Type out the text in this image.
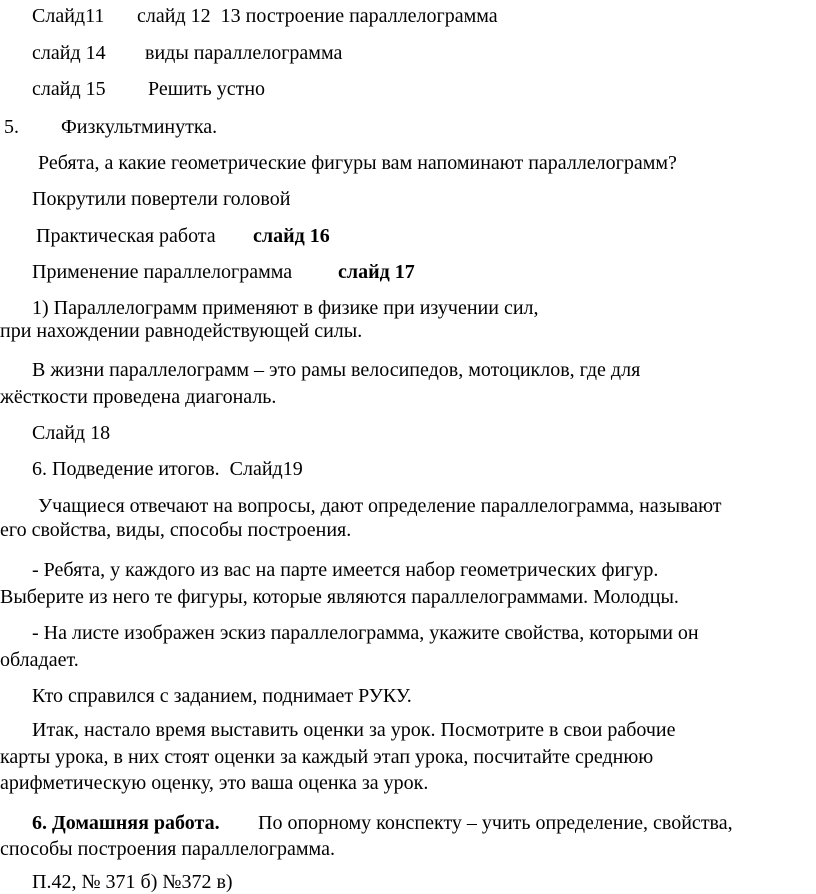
Слайд11 слайд 12  13 построение параллелограмма

слайд 14 виды параллелограмма

слайд 15 Решить устно

5. Физкультминутка.

Ребята, а какие геометрические фигуры вам напоминают параллелограмм?

Покрутили повертели головой

Практическая работа слайд 16

Применение параллелограмма слайд 17

1) Параллелограмм применяют в физике при изучении сил,

при нахождении равнодействующей силы.

В жизни параллелограмм – это рамы велосипедов, мотоциклов, где для

жёсткости проведена диагональ.

Слайд 18

6. Подведение итогов.  Слайд19

Учащиеся отвечают на вопросы, дают определение параллелограмма, называют

его свойства, виды, способы построения.

- Ребята, у каждого из вас на парте имеется набор геометрических фигур.

Выберите из него те фигуры, которые являются параллелограммами. Молодцы.

- На листе изображен эскиз параллелограмма, укажите свойства, которыми он

обладает.

Кто справился с заданием, поднимает РУКУ.

Итак, настало время выставить оценки за урок. Посмотрите в свои рабочие

карты урока, в них стоят оценки за каждый этап урока, посчитайте среднюю

арифметическую оценку, это ваша оценка за урок.

6. Домашняя работа. По опорному конспекту – учить определение, свойства,

способы построения параллелограмма.

П.42, № 371 б) №372 в)
